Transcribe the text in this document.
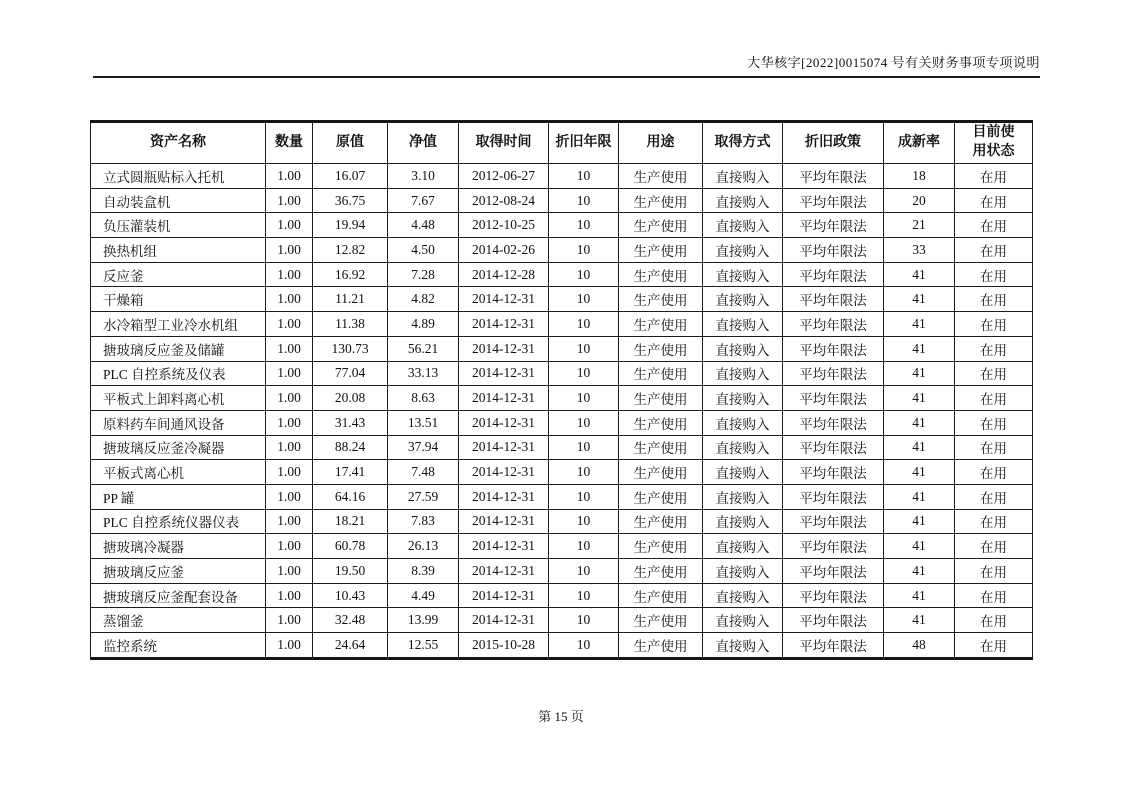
大华核字[2022]0015074 号有关财务事项专项说明
资产名称	数量	原值	净值	取得时间	折旧年限	用途	取得方式	折旧政策	成新率	目前使用状态
立式圆瓶贴标入托机	1.00	16.07	3.10	2012-06-27	10	生产使用	直接购入	平均年限法	18	在用
自动装盒机	1.00	36.75	7.67	2012-08-24	10	生产使用	直接购入	平均年限法	20	在用
负压灌装机	1.00	19.94	4.48	2012-10-25	10	生产使用	直接购入	平均年限法	21	在用
换热机组	1.00	12.82	4.50	2014-02-26	10	生产使用	直接购入	平均年限法	33	在用
反应釜	1.00	16.92	7.28	2014-12-28	10	生产使用	直接购入	平均年限法	41	在用
干燥箱	1.00	11.21	4.82	2014-12-31	10	生产使用	直接购入	平均年限法	41	在用
水冷箱型工业冷水机组	1.00	11.38	4.89	2014-12-31	10	生产使用	直接购入	平均年限法	41	在用
搪玻璃反应釜及储罐	1.00	130.73	56.21	2014-12-31	10	生产使用	直接购入	平均年限法	41	在用
PLC 自控系统及仪表	1.00	77.04	33.13	2014-12-31	10	生产使用	直接购入	平均年限法	41	在用
平板式上卸料离心机	1.00	20.08	8.63	2014-12-31	10	生产使用	直接购入	平均年限法	41	在用
原料药车间通风设备	1.00	31.43	13.51	2014-12-31	10	生产使用	直接购入	平均年限法	41	在用
搪玻璃反应釜冷凝器	1.00	88.24	37.94	2014-12-31	10	生产使用	直接购入	平均年限法	41	在用
平板式离心机	1.00	17.41	7.48	2014-12-31	10	生产使用	直接购入	平均年限法	41	在用
PP 罐	1.00	64.16	27.59	2014-12-31	10	生产使用	直接购入	平均年限法	41	在用
PLC 自控系统仪器仪表	1.00	18.21	7.83	2014-12-31	10	生产使用	直接购入	平均年限法	41	在用
搪玻璃冷凝器	1.00	60.78	26.13	2014-12-31	10	生产使用	直接购入	平均年限法	41	在用
搪玻璃反应釜	1.00	19.50	8.39	2014-12-31	10	生产使用	直接购入	平均年限法	41	在用
搪玻璃反应釜配套设备	1.00	10.43	4.49	2014-12-31	10	生产使用	直接购入	平均年限法	41	在用
蒸馏釜	1.00	32.48	13.99	2014-12-31	10	生产使用	直接购入	平均年限法	41	在用
监控系统	1.00	24.64	12.55	2015-10-28	10	生产使用	直接购入	平均年限法	48	在用
第 15 页
